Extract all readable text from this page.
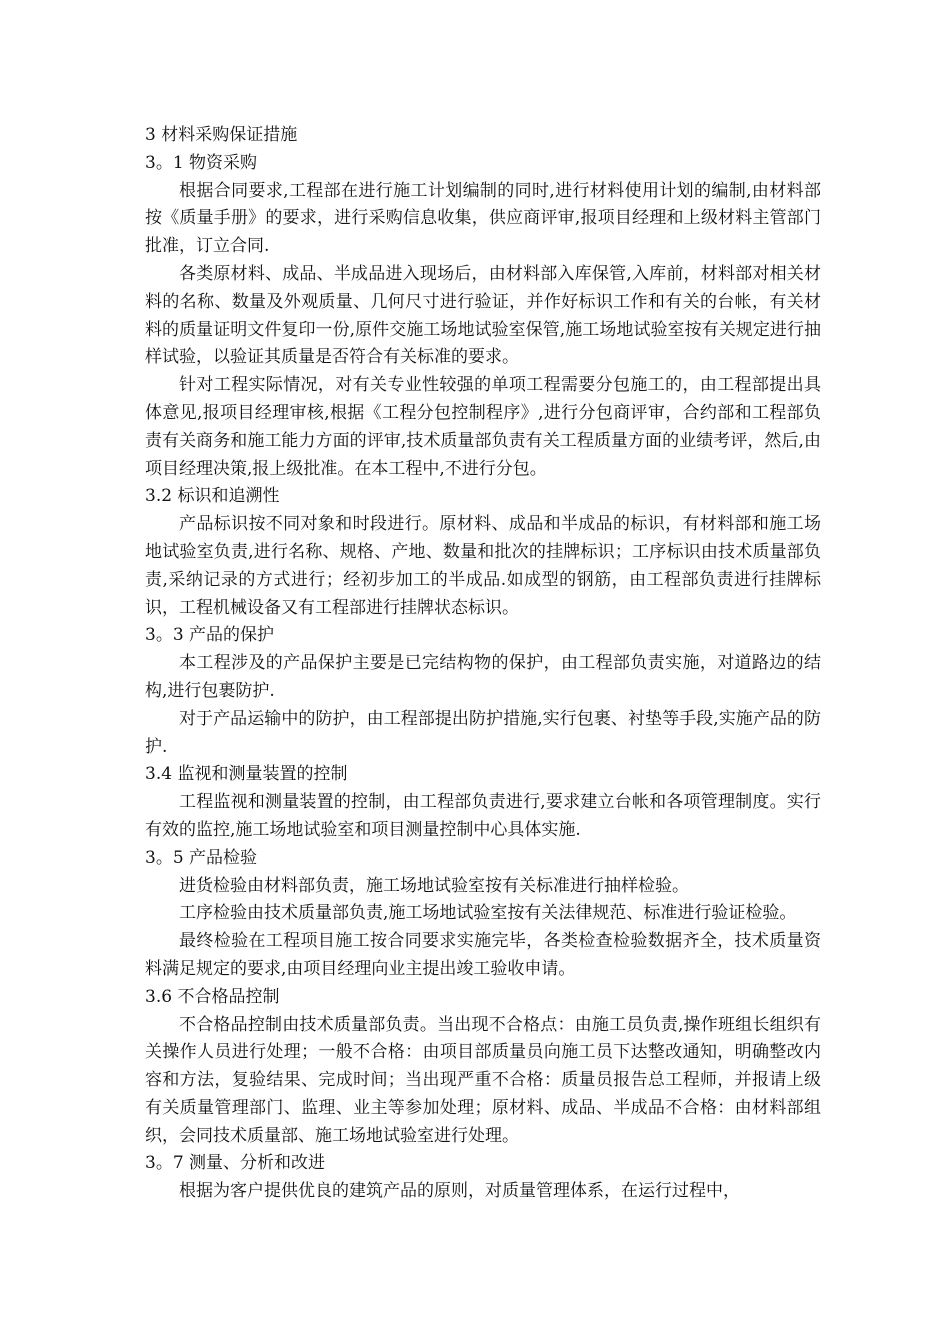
3 材料采购保证措施
3。1 物资采购

根据合同要求,工程部在进行施工计划编制的同时,进行材料使用计划的编制,由材料部按《质量手册》的要求，进行采购信息收集，供应商评审,报项目经理和上级材料主管部门批准，订立合同.

各类原材料、成品、半成品进入现场后，由材料部入库保管,入库前，材料部对相关材料的名称、数量及外观质量、几何尺寸进行验证，并作好标识工作和有关的台帐，有关材料的质量证明文件复印一份,原件交施工场地试验室保管,施工场地试验室按有关规定进行抽样试验，以验证其质量是否符合有关标准的要求。

针对工程实际情况，对有关专业性较强的单项工程需要分包施工的，由工程部提出具体意见,报项目经理审核,根据《工程分包控制程序》,进行分包商评审，合约部和工程部负责有关商务和施工能力方面的评审,技术质量部负责有关工程质量方面的业绩考评，然后,由项目经理决策,报上级批准。在本工程中,不进行分包。

3.2 标识和追溯性

产品标识按不同对象和时段进行。原材料、成品和半成品的标识，有材料部和施工场地试验室负责,进行名称、规格、产地、数量和批次的挂牌标识；工序标识由技术质量部负责,采纳记录的方式进行；经初步加工的半成品.如成型的钢筋，由工程部负责进行挂牌标识，工程机械设备又有工程部进行挂牌状态标识。

3。3 产品的保护

本工程涉及的产品保护主要是已完结构物的保护，由工程部负责实施，对道路边的结构,进行包裹防护.

对于产品运输中的防护，由工程部提出防护措施,实行包裹、衬垫等手段,实施产品的防护.

3.4 监视和测量装置的控制

工程监视和测量装置的控制，由工程部负责进行,要求建立台帐和各项管理制度。实行有效的监控,施工场地试验室和项目测量控制中心具体实施.

3。5 产品检验

进货检验由材料部负责，施工场地试验室按有关标准进行抽样检验。

工序检验由技术质量部负责,施工场地试验室按有关法律规范、标准进行验证检验。

最终检验在工程项目施工按合同要求实施完毕，各类检查检验数据齐全，技术质量资料满足规定的要求,由项目经理向业主提出竣工验收申请。

3.6 不合格品控制

不合格品控制由技术质量部负责。当出现不合格点：由施工员负责,操作班组长组织有关操作人员进行处理；一般不合格：由项目部质量员向施工员下达整改通知，明确整改内容和方法，复验结果、完成时间；当出现严重不合格：质量员报告总工程师，并报请上级有关质量管理部门、监理、业主等参加处理；原材料、成品、半成品不合格：由材料部组织，会同技术质量部、施工场地试验室进行处理。

3。7 测量、分析和改进

根据为客户提供优良的建筑产品的原则，对质量管理体系，在运行过程中，
